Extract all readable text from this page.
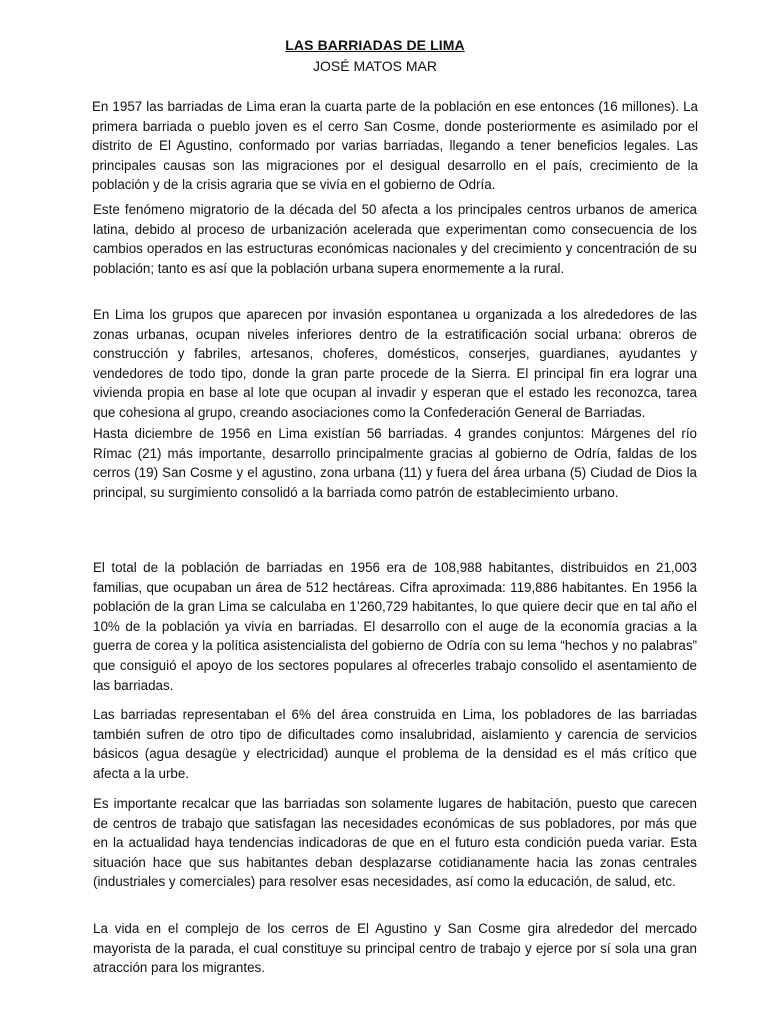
LAS BARRIADAS DE LIMA
JOSÉ MATOS MAR

En 1957 las barriadas de Lima eran la cuarta parte de la población en ese entonces (16 millones). La primera barriada o pueblo joven es el cerro San Cosme, donde posteriormente es asimilado por el distrito de El Agustino, conformado por varias barriadas, llegando a tener beneficios legales. Las principales causas son las migraciones por el desigual desarrollo en el país, crecimiento de la población y de la crisis agraria que se vivía en el gobierno de Odría.

Este fenómeno migratorio de la década del 50 afecta a los principales centros urbanos de america latina, debido al proceso de urbanización acelerada que experimentan como consecuencia de los cambios operados en las estructuras económicas nacionales y del crecimiento y concentración de su población; tanto es así que la población urbana supera enormemente a la rural.

En Lima los grupos que aparecen por invasión espontanea u organizada a los alrededores de las zonas urbanas, ocupan niveles inferiores dentro de la estratificación social urbana: obreros de construcción y fabriles, artesanos, choferes, domésticos, conserjes, guardianes, ayudantes y vendedores de todo tipo, donde la gran parte procede de la Sierra. El principal fin era lograr una vivienda propia en base al lote que ocupan al invadir y esperan que el estado les reconozca, tarea que cohesiona al grupo, creando asociaciones como la Confederación General de Barriadas.

Hasta diciembre de 1956 en Lima existían 56 barriadas. 4 grandes conjuntos: Márgenes del río Rímac (21) más importante, desarrollo principalmente gracias al gobierno de Odría, faldas de los cerros (19) San Cosme y el agustino, zona urbana (11) y fuera del área urbana (5) Ciudad de Dios la principal, su surgimiento consolidó a la barriada como patrón de establecimiento urbano.

El total de la población de barriadas en 1956 era de 108,988 habitantes, distribuidos en 21,003 familias, que ocupaban un área de 512 hectáreas. Cifra aproximada: 119,886 habitantes. En 1956 la población de la gran Lima se calculaba en 1’260,729 habitantes, lo que quiere decir que en tal año el 10% de la población ya vivía en barriadas. El desarrollo con el auge de la economía gracias a la guerra de corea y la política asistencialista del gobierno de Odría con su lema “hechos y no palabras” que consiguió el apoyo de los sectores populares al ofrecerles trabajo consolido el asentamiento de las barriadas.

Las barriadas representaban el 6% del área construida en Lima, los pobladores de las barriadas también sufren de otro tipo de dificultades como insalubridad, aislamiento y carencia de servicios básicos (agua desagüe y electricidad) aunque el problema de la densidad es el más crítico que afecta a la urbe.

Es importante recalcar que las barriadas son solamente lugares de habitación, puesto que carecen de centros de trabajo que satisfagan las necesidades económicas de sus pobladores, por más que en la actualidad haya tendencias indicadoras de que en el futuro esta condición pueda variar. Esta situación hace que sus habitantes deban desplazarse cotidianamente hacia las zonas centrales (industriales y comerciales) para resolver esas necesidades, así como la educación, de salud, etc.

La vida en el complejo de los cerros de El Agustino y San Cosme gira alrededor del mercado mayorista de la parada, el cual constituye su principal centro de trabajo y ejerce por sí sola una gran atracción para los migrantes.
